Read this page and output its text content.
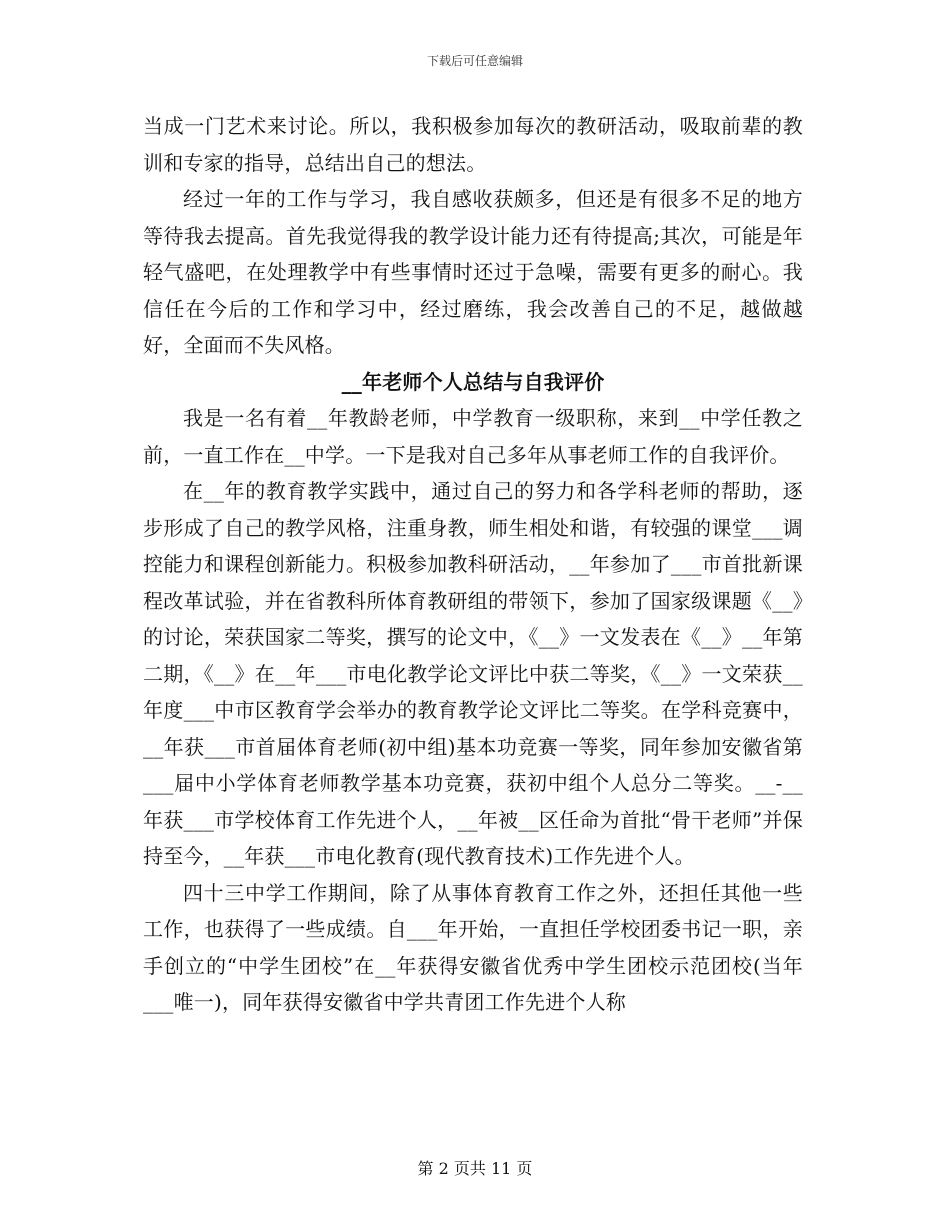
下载后可任意编辑

当成一门艺术来讨论。所以，我积极参加每次的教研活动，吸取前辈的教训和专家的指导，总结出自己的想法。

经过一年的工作与学习，我自感收获颇多，但还是有很多不足的地方等待我去提高。首先我觉得我的教学设计能力还有待提高;其次，可能是年轻气盛吧，在处理教学中有些事情时还过于急噪，需要有更多的耐心。我信任在今后的工作和学习中，经过磨练，我会改善自己的不足，越做越好，全面而不失风格。

__年老师个人总结与自我评价

我是一名有着__年教龄老师，中学教育一级职称，来到__中学任教之前，一直工作在__中学。一下是我对自己多年从事老师工作的自我评价。

在__年的教育教学实践中，通过自己的努力和各学科老师的帮助，逐步形成了自己的教学风格，注重身教，师生相处和谐，有较强的课堂___调控能力和课程创新能力。积极参加教科研活动，__年参加了___市首批新课程改革试验，并在省教科所体育教研组的带领下，参加了国家级课题《__》的讨论，荣获国家二等奖，撰写的论文中，《__》一文发表在《__》__年第二期，《__》在__年___市电化教学论文评比中获二等奖，《__》一文荣获__年度___中市区教育学会举办的教育教学论文评比二等奖。在学科竞赛中，__年获___市首届体育老师(初中组)基本功竞赛一等奖，同年参加安徽省第___届中小学体育老师教学基本功竞赛，获初中组个人总分二等奖。__-__年获___市学校体育工作先进个人，__年被__区任命为首批“骨干老师”并保持至今，__年获___市电化教育(现代教育技术)工作先进个人。

四十三中学工作期间，除了从事体育教育工作之外，还担任其他一些工作，也获得了一些成绩。自___年开始，一直担任学校团委书记一职，亲手创立的“中学生团校”在__年获得安徽省优秀中学生团校示范团校(当年___唯一)，同年获得安徽省中学共青团工作先进个人称

第 2 页共 11 页
